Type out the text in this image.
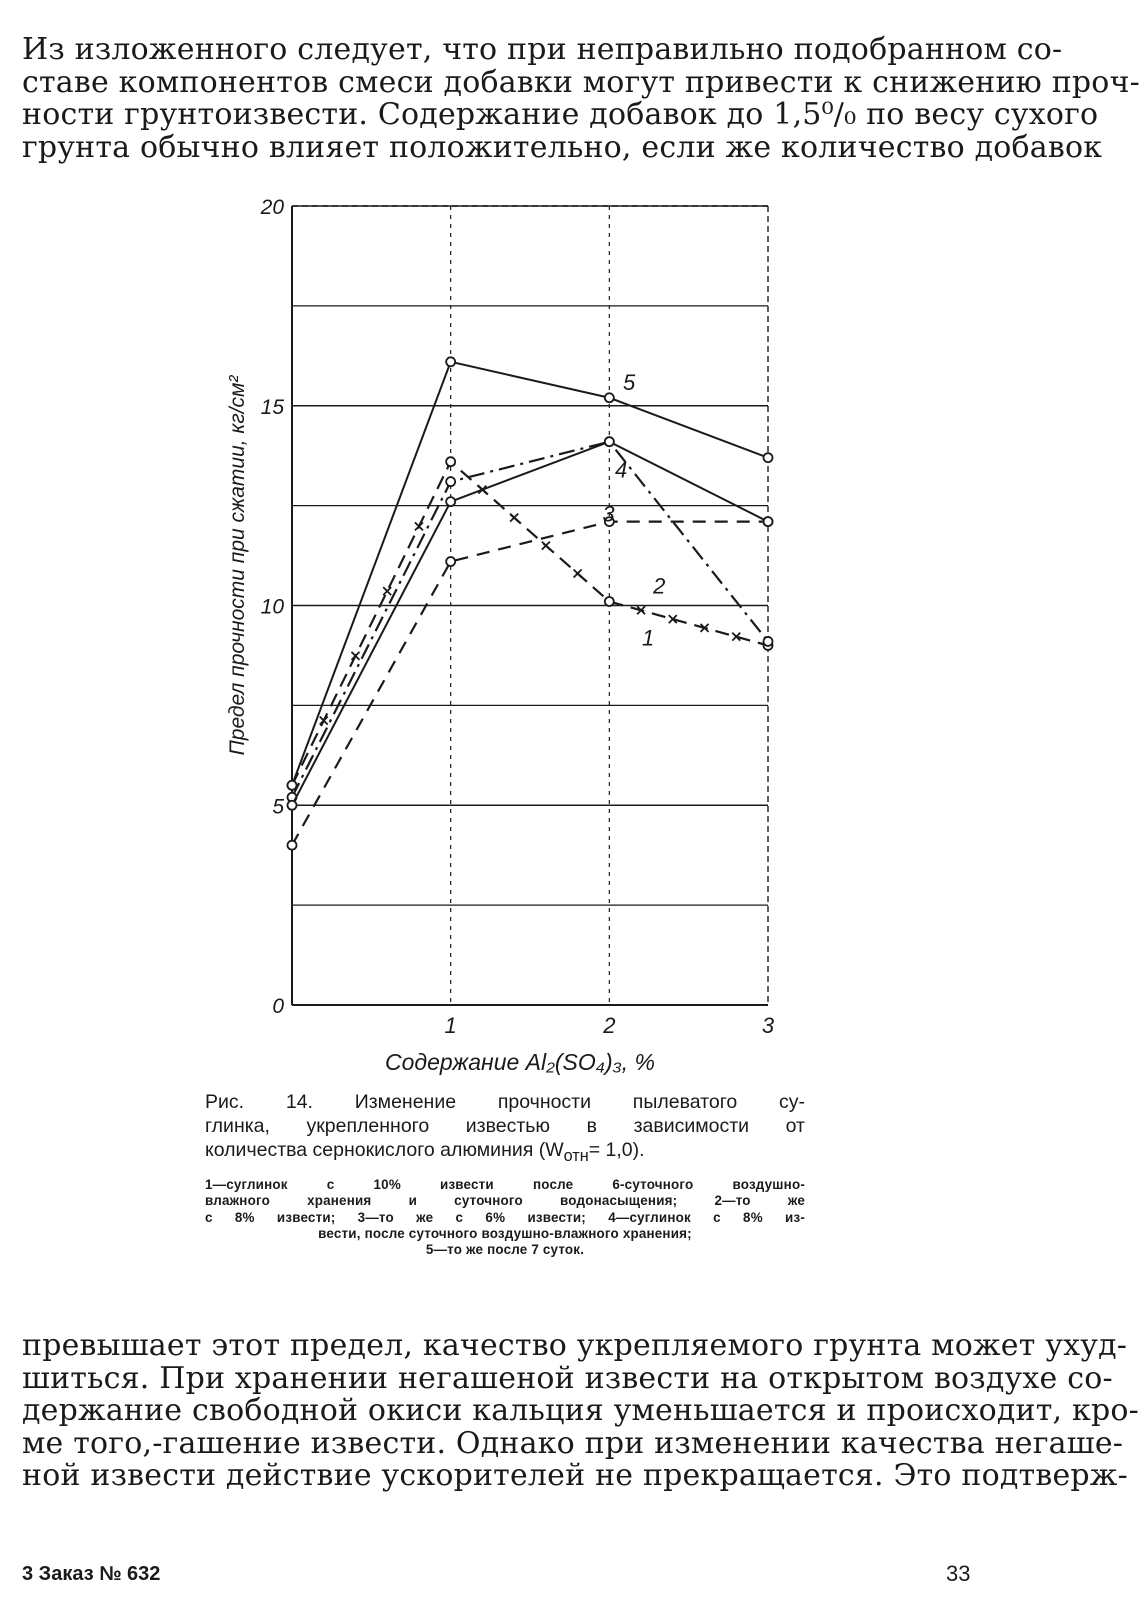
Из изложенного следует, что при неправильно подобранном со-
ставе компонентов смеси добавки могут привести к снижению проч-
ности грунтоизвести. Содержание добавок до 1,5⁰/₀ по весу сухого
грунта обычно влияет положительно, если же количество добавок
0
5
10
15
20
1	2	3
Содержание Al₂(SO₄)₃, %
Предел прочности при сжатии, кг/см²	1
2
3
4
5
Рис. 14. Изменение прочности пылеватого су-
глинка, укрепленного известью в зависимости от
количества сернокислого алюминия $(W_{отн}= 1,0)$.
1—суглинок с 10% извести после 6-суточного воздушно-
влажного хранения и суточного водонасыщения; 2—то же
с 8% извести; 3—то же с 6% извести; 4—суглинок с 8% из-
вести, после суточного воздушно-влажного хранения;
5—то же после 7 суток.
превышает этот предел, качество укрепляемого грунта может ухуд-
шиться. При хранении негашеной извести на открытом воздухе со-
держание свободной окиси кальция уменьшается и происходит, кро-
ме того,-гашение извести. Однако при изменении качества негаше-
ной извести действие ускорителей не прекращается. Это подтверж-
3 Заказ № 632	33
